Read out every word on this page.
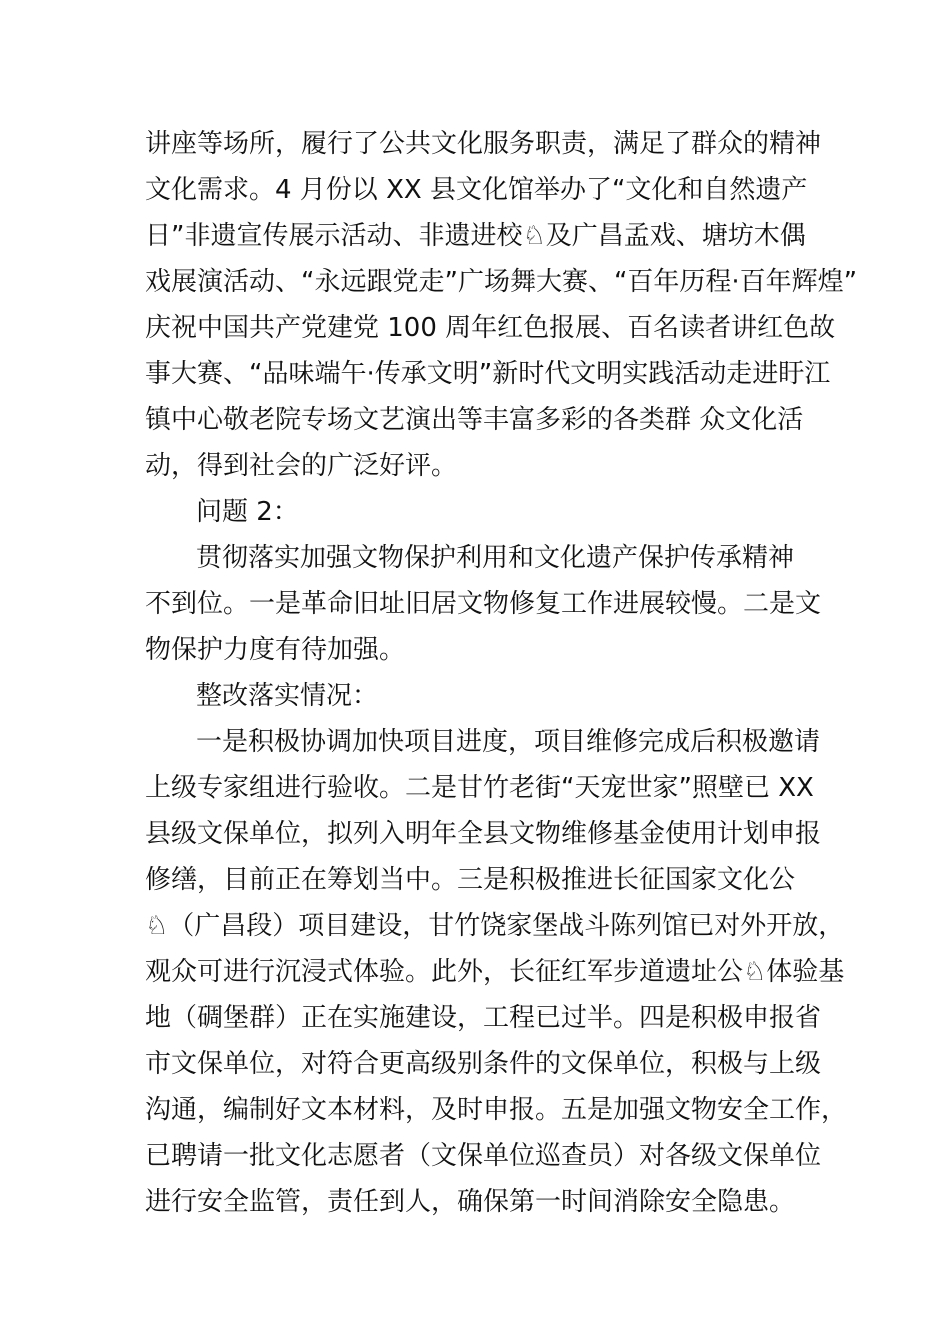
讲座等场所，履行了公共文化服务职责，满足了群众的精神
文化需求。4 月份以 XX 县文化馆举办了“文化和自然遗产
日”非遗宣传展示活动、非遗进校♘及广昌孟戏、塘坊木偶
戏展演活动、“永远跟党走”广场舞大赛、“百年历程·百年辉煌”
庆祝中国共产党建党 100 周年红色报展、百名读者讲红色故
事大赛、“品味端午·传承文明”新时代文明实践活动走进盱江
镇中心敬老院专场文艺演出等丰富多彩的各类群 众文化活
动，得到社会的广泛好评。
问题 2：
贯彻落实加强文物保护利用和文化遗产保护传承精神
不到位。一是革命旧址旧居文物修复工作进展较慢。二是文
物保护力度有待加强。
整改落实情况：
一是积极协调加快项目进度，项目维修完成后积极邀请
上级专家组进行验收。二是甘竹老街“天宠世家”照壁已 XX
县级文保单位，拟列入明年全县文物维修基金使用计划申报
修缮，目前正在筹划当中。三是积极推进长征国家文化公
♘（广昌段）项目建设，甘竹饶家堡战斗陈列馆已对外开放，
观众可进行沉浸式体验。此外，长征红军步道遗址公♘体验基
地（碉堡群）正在实施建设，工程已过半。四是积极申报省
市文保单位，对符合更高级别条件的文保单位，积极与上级
沟通，编制好文本材料，及时申报。五是加强文物安全工作，
已聘请一批文化志愿者（文保单位巡查员）对各级文保单位
进行安全监管，责任到人，确保第一时间消除安全隐患。
